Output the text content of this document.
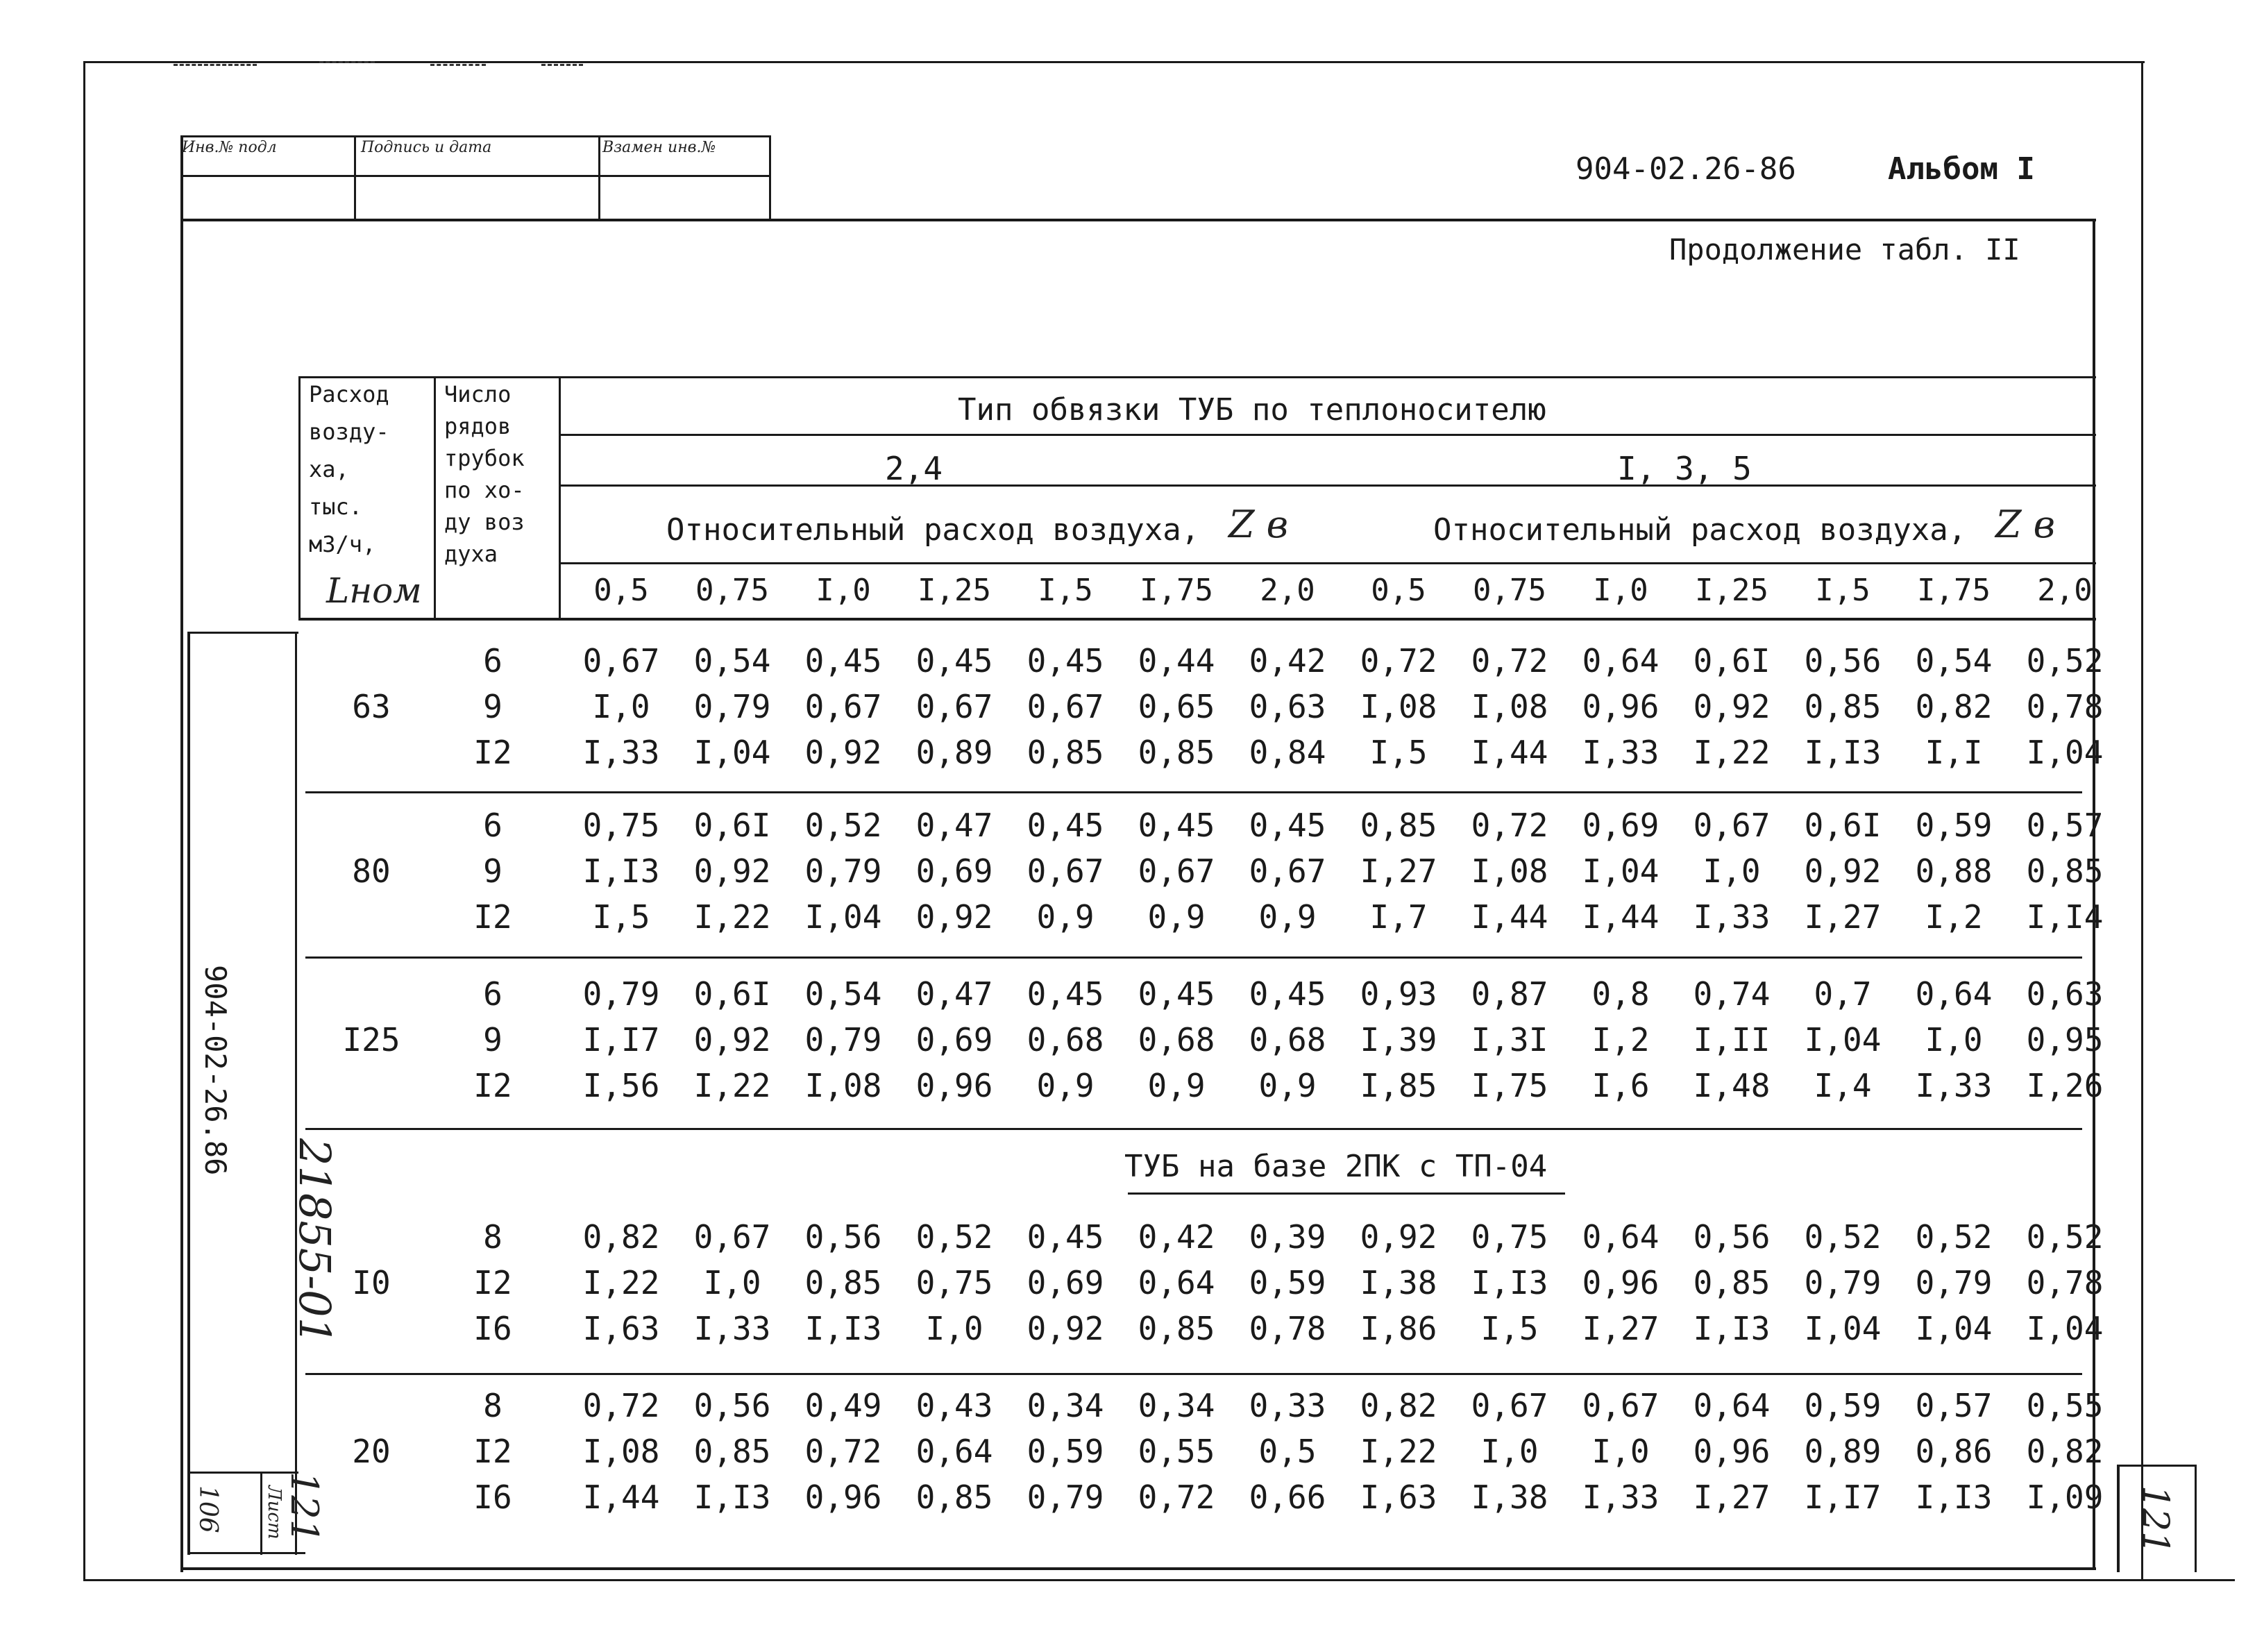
Инв.№ подл	Подпись и дата	Взамен инв.№
904-02.26-86	Альбом I
Продолжение табл. II
904-02-26.86
21855-01
106 Лист
121	121
Расход
возду-
ха,
тыс.
м3/ч,
Число
рядов
трубок
по хо-
ду воз
духа
Lном
Тип обвязки ТУБ по теплоносителю
2,4	I, 3, 5
Относительный расход воздуха, Z в	Относительный расход воздуха, Z в
0,5	0,75	I,0	I,25	I,5	I,75	2,0	0,5	0,75	I,0	I,25	I,5	I,75	2,0
63
6	0,67	0,54	0,45	0,45	0,45	0,44	0,42	0,72	0,72	0,64	0,6I	0,56	0,54	0,52
9	I,0	0,79	0,67	0,67	0,67	0,65	0,63	I,08	I,08	0,96	0,92	0,85	0,82	0,78
I2	I,33	I,04	0,92	0,89	0,85	0,85	0,84	I,5	I,44	I,33	I,22	I,I3	I,I	I,04
80
6	0,75	0,6I	0,52	0,47	0,45	0,45	0,45	0,85	0,72	0,69	0,67	0,6I	0,59	0,57
9	I,I3	0,92	0,79	0,69	0,67	0,67	0,67	I,27	I,08	I,04	I,0	0,92	0,88	0,85
I2	I,5	I,22	I,04	0,92	0,9	0,9	0,9	I,7	I,44	I,44	I,33	I,27	I,2	I,I4
I25
6	0,79	0,6I	0,54	0,47	0,45	0,45	0,45	0,93	0,87	0,8	0,74	0,7	0,64	0,63
9	I,I7	0,92	0,79	0,69	0,68	0,68	0,68	I,39	I,3I	I,2	I,II	I,04	I,0	0,95
I2	I,56	I,22	I,08	0,96	0,9	0,9	0,9	I,85	I,75	I,6	I,48	I,4	I,33	I,26
I0
8	0,82	0,67	0,56	0,52	0,45	0,42	0,39	0,92	0,75	0,64	0,56	0,52	0,52	0,52
I2	I,22	I,0	0,85	0,75	0,69	0,64	0,59	I,38	I,I3	0,96	0,85	0,79	0,79	0,78
I6	I,63	I,33	I,I3	I,0	0,92	0,85	0,78	I,86	I,5	I,27	I,I3	I,04	I,04	I,04
20
8	0,72	0,56	0,49	0,43	0,34	0,34	0,33	0,82	0,67	0,67	0,64	0,59	0,57	0,55
I2	I,08	0,85	0,72	0,64	0,59	0,55	0,5	I,22	I,0	I,0	0,96	0,89	0,86	0,82
I6	I,44	I,I3	0,96	0,85	0,79	0,72	0,66	I,63	I,38	I,33	I,27	I,I7	I,I3	I,09
ТУБ на базе 2ПК с ТП-04
